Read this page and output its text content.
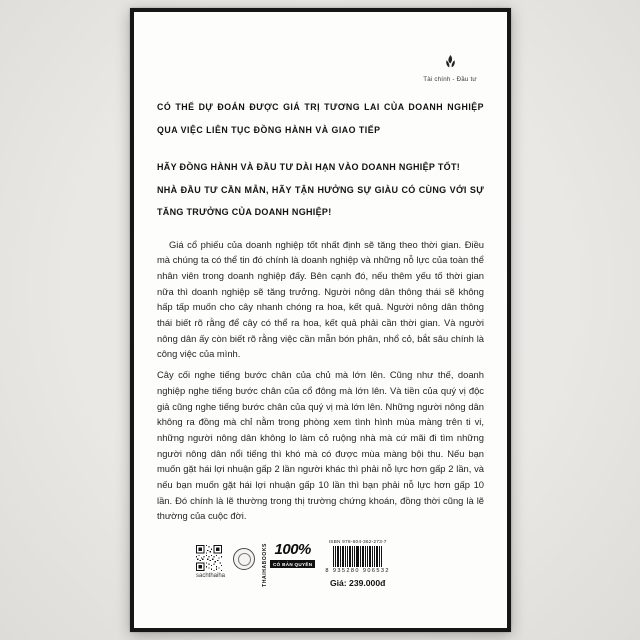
Tài chính - Đầu tư
CÓ THỂ DỰ ĐOÁN ĐƯỢC GIÁ TRỊ TƯƠNG LAI CỦA DOANH NGHIỆP QUA VIỆC LIÊN TỤC ĐỒNG HÀNH VÀ GIAO TIẾP

HÃY ĐỒNG HÀNH VÀ ĐẦU TƯ DÀI HẠN VÀO DOANH NGHIỆP TỐT!

NHÀ ĐẦU TƯ CẦN MẪN, HÃY TẬN HƯỞNG SỰ GIÀU CÓ CÙNG VỚI SỰ TĂNG TRƯỞNG CỦA DOANH NGHIỆP!

Giá cổ phiếu của doanh nghiệp tốt nhất định sẽ tăng theo thời gian. Điều mà chúng ta có thể tin đó chính là doanh nghiệp và những nỗ lực của toàn thể nhân viên trong doanh nghiệp đấy. Bên cạnh đó, nếu thêm yếu tố thời gian nữa thì doanh nghiệp sẽ tăng trưởng. Người nông dân thông thái sẽ không hấp tấp muốn cho cây nhanh chóng ra hoa, kết quả. Người nông dân thông thái biết rõ rằng để cây có thể ra hoa, kết quả phải cần thời gian. Và người nông dân ấy còn biết rõ rằng việc cần mẫn bón phân, nhổ cỏ, bắt sâu chính là công việc của mình.

Cây cối nghe tiếng bước chân của chủ mà lớn lên. Cũng như thế, doanh nghiệp nghe tiếng bước chân của cổ đông mà lớn lên. Và tiền của quý vị độc giả cũng nghe tiếng bước chân của quý vị mà lớn lên. Những người nông dân không ra đồng mà chỉ nằm trong phòng xem tình hình mùa màng trên ti vi, những người nông dân không lo làm cỏ ruộng nhà mà cứ mãi đi tìm những người nông dân nổi tiếng thì khó mà có được mùa màng bội thu. Nếu bạn muốn gặt hái lợi nhuận gấp 2 lần người khác thì phải nỗ lực hơn gấp 2 lần, và nếu bạn muốn gặt hái lợi nhuận gấp 10 lần thì bạn phải nỗ lực hơn gấp 10 lần. Đó chính là lẽ thường trong thị trường chứng khoán, đồng thời cũng là lẽ thường của cuộc đời.

sachthaiha	THAIHABOOKS 100%
CÓ BẢN QUYỀN
ISBN 978-604-362-273-7
8 935280 906532
Giá: 239.000đ
